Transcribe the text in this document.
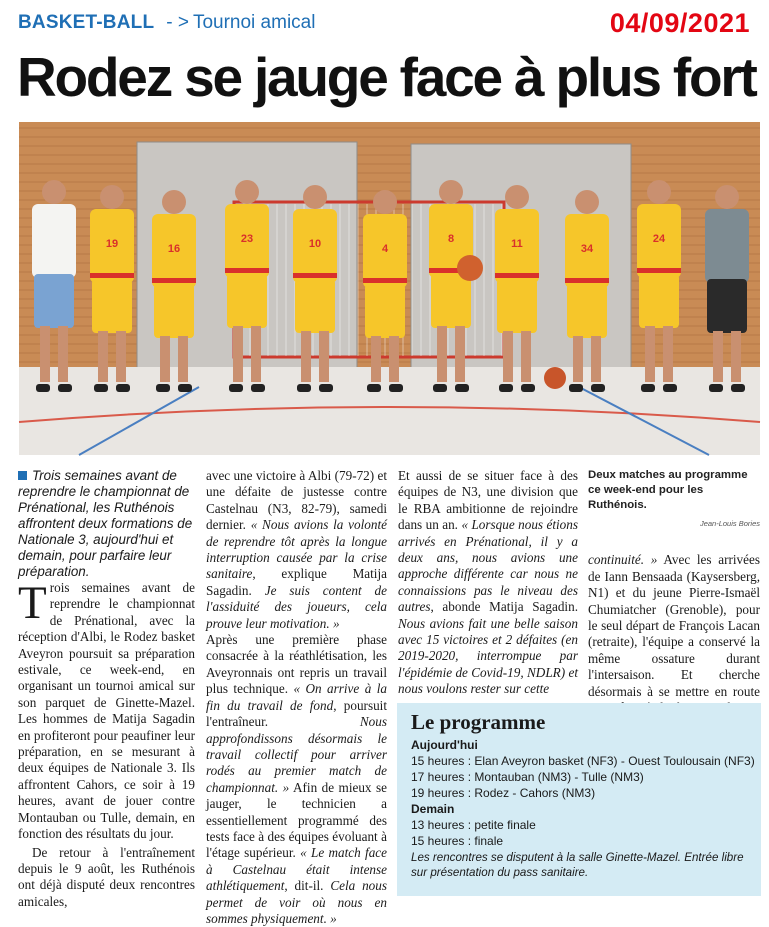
BASKET-BALL - > Tournoi amical	04/09/2021
Rodez se jauge face à plus fort
19	16
23	10	4
8	11	34
24

Trois semaines avant de reprendre le championnat de Prénational, les Ruthénois affrontent deux formations de Nationale 3, aujourd'hui et demain, pour parfaire leur préparation.

Trois semaines avant de reprendre le championnat de Prénational, avec la réception d'Albi, le Rodez basket Aveyron poursuit sa préparation estivale, ce week-end, en organisant un tournoi amical sur son parquet de Ginette-Mazel. Les hommes de Matija Sagadin en profiteront pour peaufiner leur préparation, en se mesurant à deux équipes de Nationale 3. Ils affrontent Cahors, ce soir à 19 heures, avant de jouer contre Montauban ou Tulle, demain, en fonction des résultats du jour.

De retour à l'entraînement depuis le 9 août, les Ruthénois ont déjà disputé deux rencontres amicales,

avec une victoire à Albi (79-72) et une défaite de justesse contre Castelnau (N3, 82-79), samedi dernier. « Nous avions la volonté de reprendre tôt après la longue interruption causée par la crise sanitaire, explique Matija Sagadin. Je suis content de l'assiduité des joueurs, cela prouve leur motivation. »

Après une première phase consacrée à la réathlétisation, les Aveyronnais ont repris un travail plus technique. « On arrive à la fin du travail de fond, poursuit l'entraîneur. Nous approfondissons désormais le travail collectif pour arriver rodés au premier match de championnat. » Afin de mieux se jauger, le technicien a essentiellement programmé des tests face à des équipes évoluant à l'étage supérieur. « Le match face à Castelnau était intense athlétiquement, dit-il. Cela nous permet de voir où nous en sommes physiquement. »

Et aussi de se situer face à des équipes de N3, une division que le RBA ambitionne de rejoindre dans un an. « Lorsque nous étions arrivés en Prénational, il y a deux ans, nous avions une approche différente car nous ne connaissions pas le niveau des autres, abonde Matija Sagadin. Nous avions fait une belle saison avec 15 victoires et 2 défaites (en 2019-2020, interrompue par l'épidémie de Covid-19, NDLR) et nous voulons rester sur cette

Deux matches au programme ce week-end pour les Ruthénois.
Jean-Louis Bories

continuité. » Avec les arrivées de Iann Bensaada (Kaysersberg, N1) et du jeune Pierre-Ismaël Chumiatcher (Grenoble), pour le seul départ de François Lacan (retraite), l'équipe a conservé la même ossature durant l'intersaison. Et cherche désormais à se mettre en route

Le programme
Aujourd'hui
15 heures : Elan Aveyron basket (NF3) - Ouest Toulousain (NF3)
17 heures : Montauban (NM3) - Tulle (NM3)
19 heures : Rodez - Cahors (NM3)
Demain
13 heures : petite finale
15 heures : finale
Les rencontres se disputent à la salle Ginette-Mazel. Entrée libre sur présentation du pass sanitaire.
